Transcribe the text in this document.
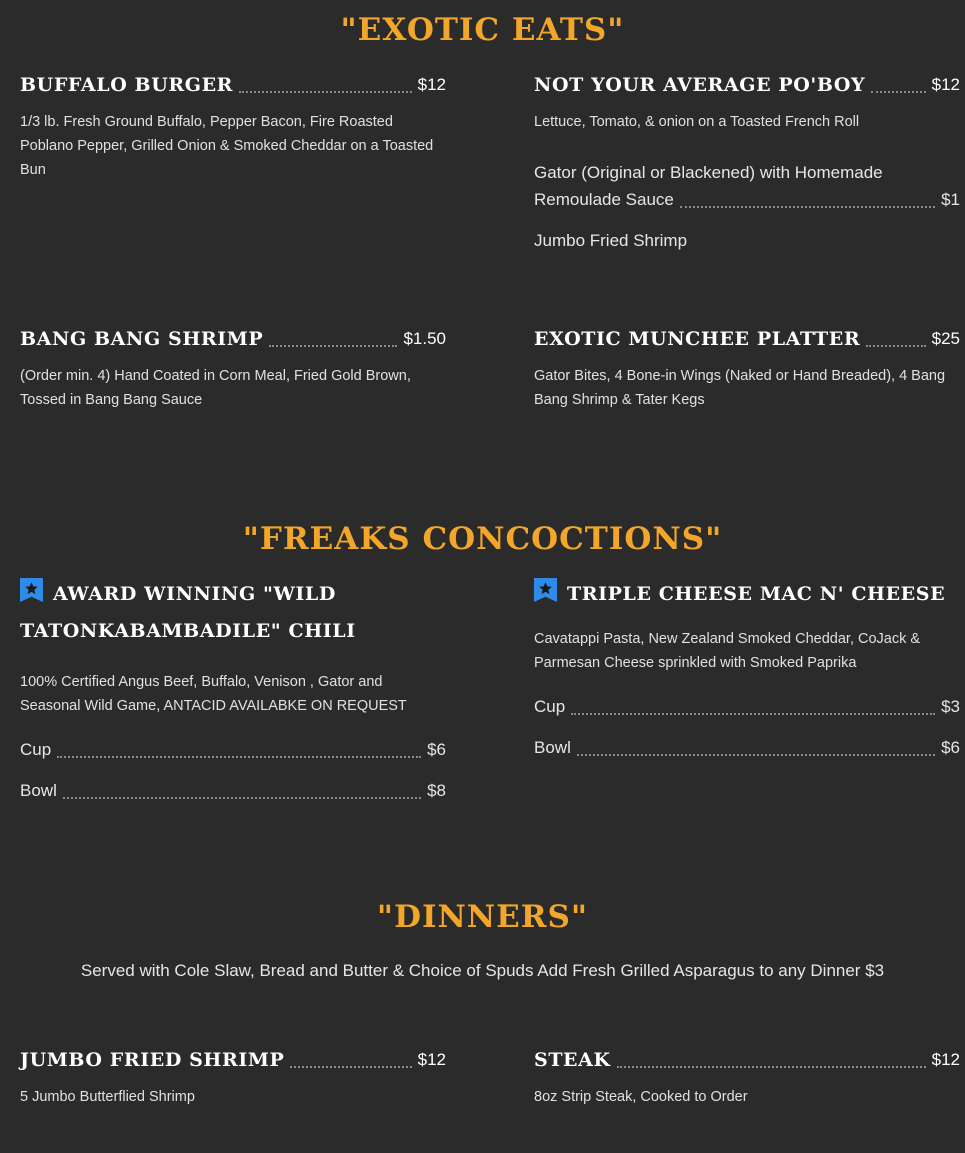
"EXOTIC EATS"
BUFFALO BURGER	$12
1/3 lb. Fresh Ground Buffalo, Pepper Bacon, Fire Roasted Poblano Pepper, Grilled Onion & Smoked Cheddar on a Toasted Bun
NOT YOUR AVERAGE PO'BOY	$12
Lettuce, Tomato, & onion on a Toasted French Roll
Gator (Original or Blackened) with Homemade
Remoulade Sauce	$1
Jumbo Fried Shrimp
BANG BANG SHRIMP	$1.50
(Order min. 4) Hand Coated in Corn Meal, Fried Gold Brown, Tossed in Bang Bang Sauce
EXOTIC MUNCHEE PLATTER	$25
Gator Bites, 4 Bone-in Wings (Naked or Hand Breaded), 4 Bang Bang Shrimp & Tater Kegs
"FREAKS CONCOCTIONS"
AWARD WINNING "WILD TATONKABAMBADILE" CHILI
100% Certified Angus Beef, Buffalo, Venison , Gator and Seasonal Wild Game, ANTACID AVAILABKE ON REQUEST
Cup	$6
Bowl	$8
TRIPLE CHEESE MAC N' CHEESE
Cavatappi Pasta, New Zealand Smoked Cheddar, CoJack & Parmesan Cheese sprinkled with Smoked Paprika
Cup	$3
Bowl	$6
"DINNERS"
Served with Cole Slaw, Bread and Butter & Choice of Spuds Add Fresh Grilled Asparagus to any Dinner $3
JUMBO FRIED SHRIMP	$12
5 Jumbo Butterflied Shrimp
STEAK	$12
8oz Strip Steak, Cooked to Order
